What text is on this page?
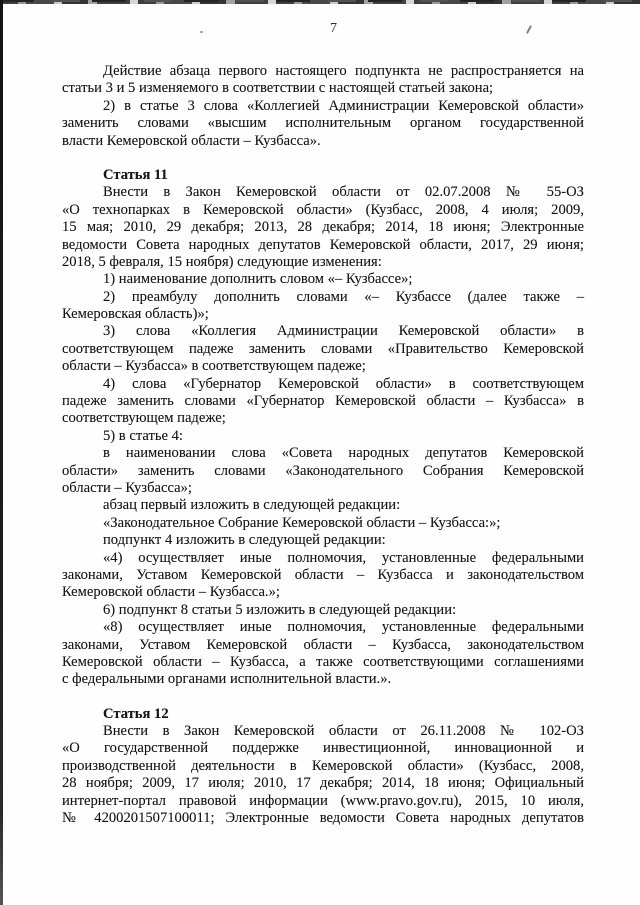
7
Действие абзаца первого настоящего подпункта не распространяется на
статьи 3 и 5 изменяемого в соответствии с настоящей статьей закона;
2) в статье 3 слова «Коллегией Администрации Кемеровской области»
заменить словами «высшим исполнительным органом государственной
власти Кемеровской области – Кузбасса».
Статья 11
Внести в Закон Кемеровской области от 02.07.2008 № 55-ОЗ
«О технопарках в Кемеровской области» (Кузбасс, 2008, 4 июля; 2009,
15 мая; 2010, 29 декабря; 2013, 28 декабря; 2014, 18 июня; Электронные
ведомости Совета народных депутатов Кемеровской области, 2017, 29 июня;
2018, 5 февраля, 15 ноября) следующие изменения:
1) наименование дополнить словом «– Кузбассе»;
2) преамбулу дополнить словами «– Кузбассе (далее также –
Кемеровская область)»;
3) слова «Коллегия Администрации Кемеровской области» в
соответствующем падеже заменить словами «Правительство Кемеровской
области – Кузбасса» в соответствующем падеже;
4) слова «Губернатор Кемеровской области» в соответствующем
падеже заменить словами «Губернатор Кемеровской области – Кузбасса» в
соответствующем падеже;
5) в статье 4:
в наименовании слова «Совета народных депутатов Кемеровской
области» заменить словами «Законодательного Собрания Кемеровской
области – Кузбасса»;
абзац первый изложить в следующей редакции:
«Законодательное Собрание Кемеровской области – Кузбасса:»;
подпункт 4 изложить в следующей редакции:
«4) осуществляет иные полномочия, установленные федеральными
законами, Уставом Кемеровской области – Кузбасса и законодательством
Кемеровской области – Кузбасса.»;
6) подпункт 8 статьи 5 изложить в следующей редакции:
«8) осуществляет иные полномочия, установленные федеральными
законами, Уставом Кемеровской области – Кузбасса, законодательством
Кемеровской области – Кузбасса, а также соответствующими соглашениями
с федеральными органами исполнительной власти.».
Статья 12
Внести в Закон Кемеровской области от 26.11.2008 № 102-ОЗ
«О государственной поддержке инвестиционной, инновационной и
производственной деятельности в Кемеровской области» (Кузбасс, 2008,
28 ноября; 2009, 17 июля; 2010, 17 декабря; 2014, 18 июня; Официальный
интернет-портал правовой информации (www.pravo.gov.ru), 2015, 10 июля,
№ 4200201507100011; Электронные ведомости Совета народных депутатов
